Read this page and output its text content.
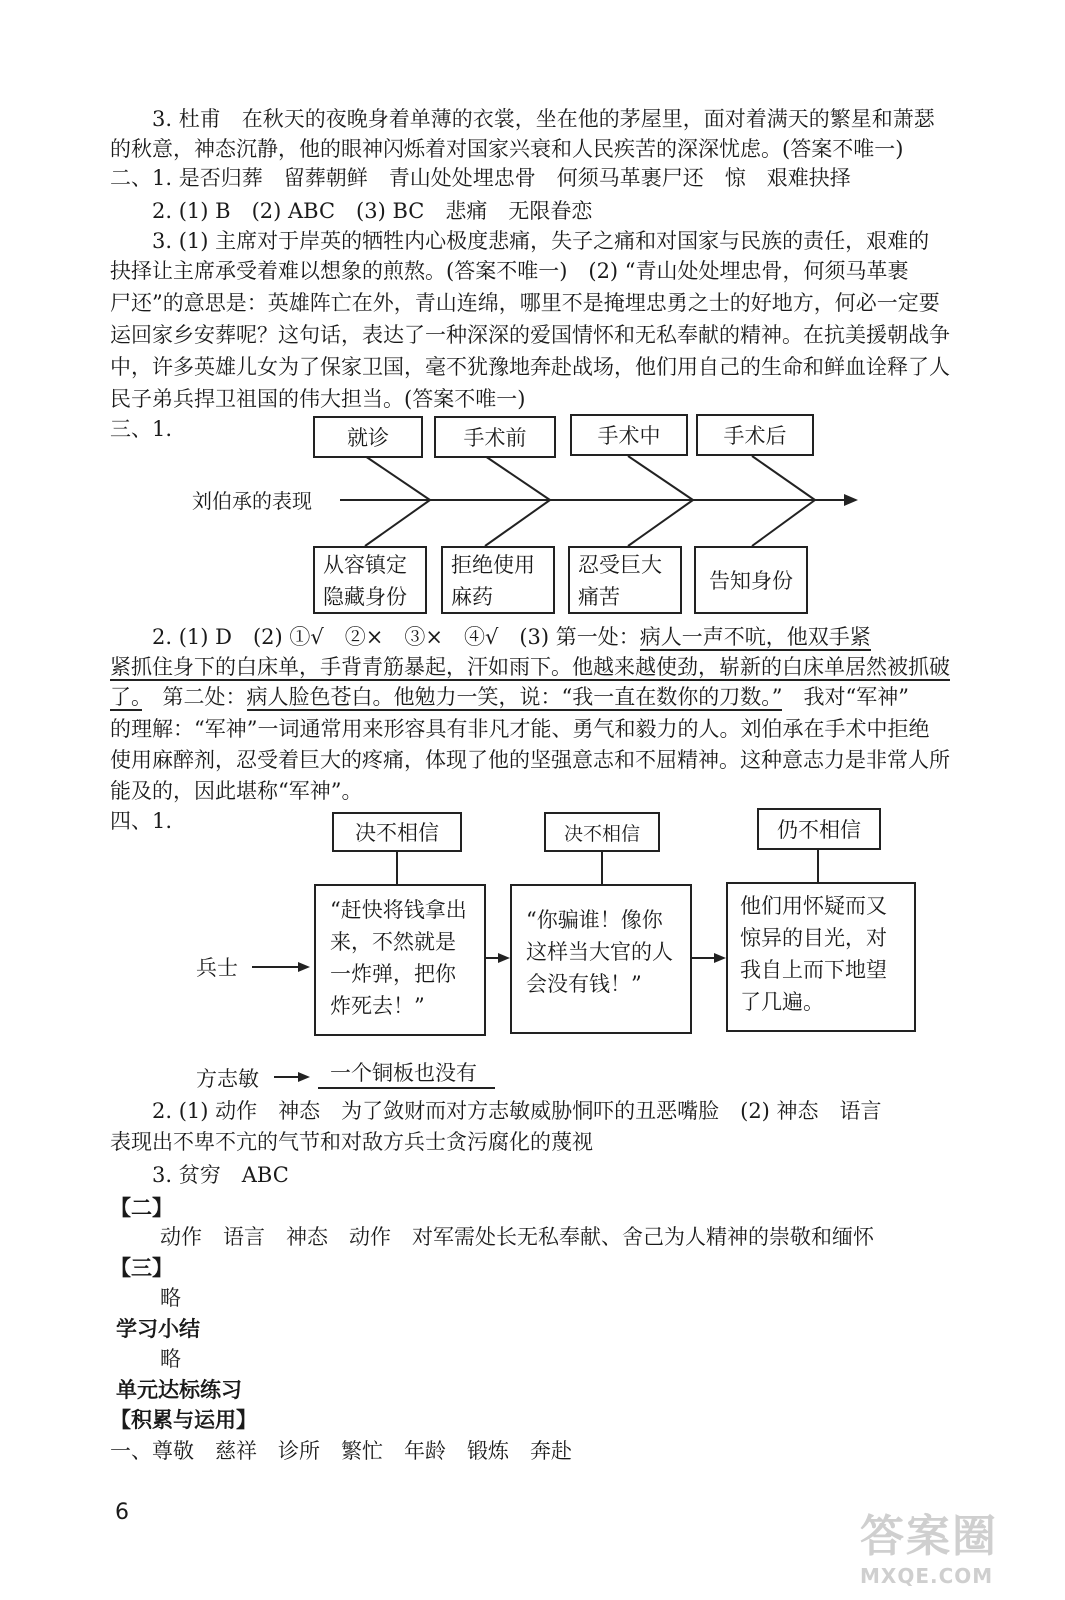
3. 杜甫　在秋天的夜晚身着单薄的衣裳，坐在他的茅屋里，面对着满天的繁星和萧瑟
的秋意，神态沉静，他的眼神闪烁着对国家兴衰和人民疾苦的深深忧虑。(答案不唯一)
二、1. 是否归葬　留葬朝鲜　青山处处埋忠骨　何须马革裹尸还　惊　艰难抉择
2. (1) B　(2) ABC　(3) BC　悲痛　无限眷恋
3. (1) 主席对于岸英的牺牲内心极度悲痛，失子之痛和对国家与民族的责任，艰难的
抉择让主席承受着难以想象的煎熬。(答案不唯一)　(2) “青山处处埋忠骨，何须马革裹
尸还”的意思是：英雄阵亡在外，青山连绵，哪里不是掩埋忠勇之士的好地方，何必一定要
运回家乡安葬呢？这句话，表达了一种深深的爱国情怀和无私奉献的精神。在抗美援朝战争
中，许多英雄儿女为了保家卫国，毫不犹豫地奔赴战场，他们用自己的生命和鲜血诠释了人
民子弟兵捍卫祖国的伟大担当。(答案不唯一)
三、1.
刘伯承的表现
就诊	手术前	手术中	手术后
从容镇定隐藏身份
拒绝使用麻药
忍受巨大痛苦
告知身份
2. (1) D　(2) ①√　②×　③×　④√　(3) 第一处：病人一声不吭，他双手紧
紧抓住身下的白床单，手背青筋暴起，汗如雨下。他越来越使劲，崭新的白床单居然被抓破
了。　第二处：病人脸色苍白。他勉力一笑，说：“我一直在数你的刀数。”　我对“军神”
的理解：“军神”一词通常用来形容具有非凡才能、勇气和毅力的人。刘伯承在手术中拒绝
使用麻醉剂，忍受着巨大的疼痛，体现了他的坚强意志和不屈精神。这种意志力是非常人所
能及的，因此堪称“军神”。
四、1.	决不相信	决不相信	仍不相信
兵士
“赶快将钱拿出来，不然就是一炸弹，把你炸死去！”
“你骗谁！像你这样当大官的人会没有钱！”
他们用怀疑而又惊异的目光，对我自上而下地望了几遍。
方志敏	一个铜板也没有
2. (1) 动作　神态　为了敛财而对方志敏威胁恫吓的丑恶嘴脸　(2) 神态　语言
表现出不卑不亢的气节和对敌方兵士贪污腐化的蔑视
3. 贫穷　ABC
【二】
动作　语言　神态　动作　对军需处长无私奉献、舍己为人精神的崇敬和缅怀
【三】
略
学习小结
略
单元达标练习
【积累与运用】
一、尊敬　慈祥　诊所　繁忙　年龄　锻炼　奔赴
6	答案圈
MXQE.COM
